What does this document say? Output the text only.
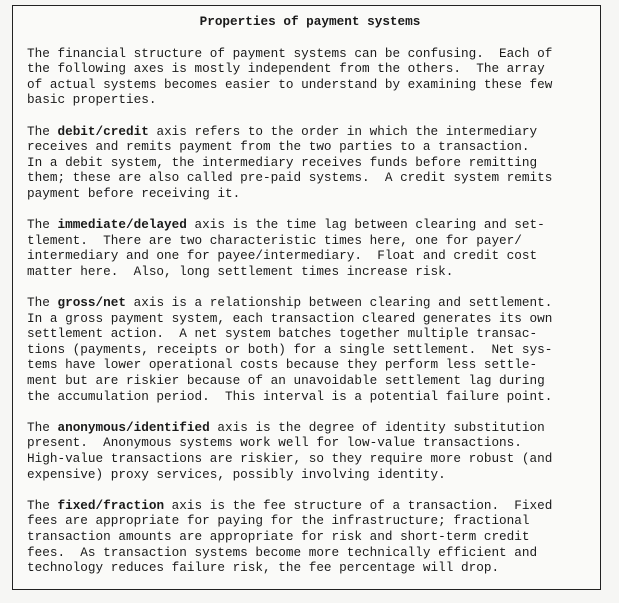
Properties of payment systems
The financial structure of payment systems can be confusing.  Each of
the following axes is mostly independent from the others.  The array
of actual systems becomes easier to understand by examining these few
basic properties.
The debit/credit axis refers to the order in which the intermediary
receives and remits payment from the two parties to a transaction.
In a debit system, the intermediary receives funds before remitting
them; these are also called pre-paid systems.  A credit system remits
payment before receiving it.
The immediate/delayed axis is the time lag between clearing and set-
tlement.  There are two characteristic times here, one for payer/
intermediary and one for payee/intermediary.  Float and credit cost
matter here.  Also, long settlement times increase risk.
The gross/net axis is a relationship between clearing and settlement.
In a gross payment system, each transaction cleared generates its own
settlement action.  A net system batches together multiple transac-
tions (payments, receipts or both) for a single settlement.  Net sys-
tems have lower operational costs because they perform less settle-
ment but are riskier because of an unavoidable settlement lag during
the accumulation period.  This interval is a potential failure point.
The anonymous/identified axis is the degree of identity substitution
present.  Anonymous systems work well for low-value transactions.
High-value transactions are riskier, so they require more robust (and
expensive) proxy services, possibly involving identity.
The fixed/fraction axis is the fee structure of a transaction.  Fixed
fees are appropriate for paying for the infrastructure; fractional
transaction amounts are appropriate for risk and short-term credit
fees.  As transaction systems become more technically efficient and
technology reduces failure risk, the fee percentage will drop.
